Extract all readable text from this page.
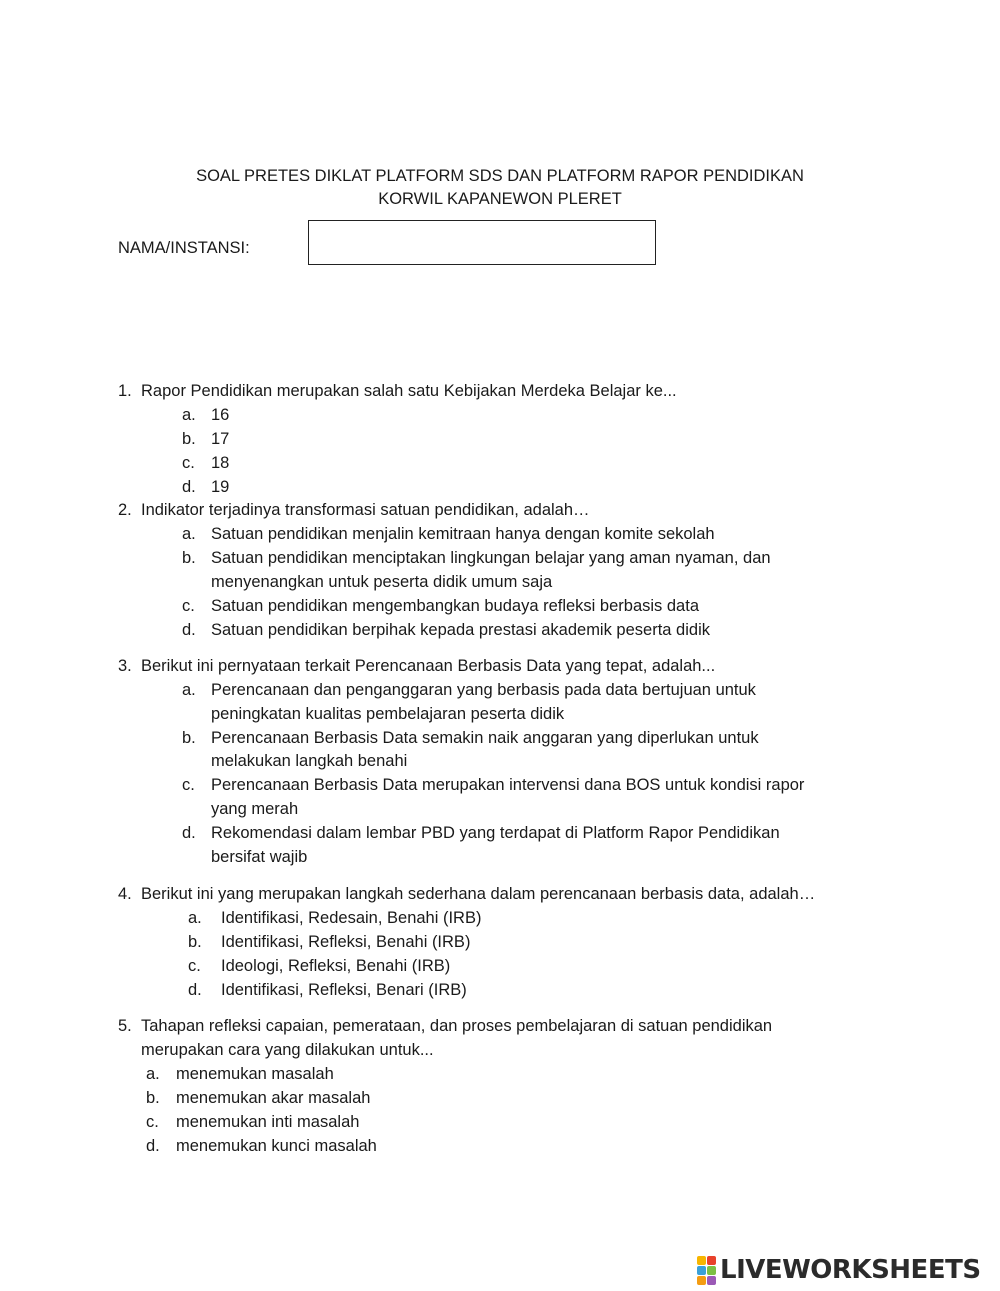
SOAL PRETES DIKLAT PLATFORM SDS DAN PLATFORM RAPOR PENDIDIKAN
KORWIL KAPANEWON PLERET
NAMA/INSTANSI:
1. Rapor Pendidikan merupakan salah satu Kebijakan Merdeka Belajar ke...
a. 16
b. 17
c. 18
d. 19
2. Indikator terjadinya transformasi satuan pendidikan, adalah…
a. Satuan pendidikan menjalin kemitraan hanya dengan komite sekolah
b. Satuan pendidikan menciptakan lingkungan belajar yang aman nyaman, dan
menyenangkan untuk peserta didik umum saja
c. Satuan pendidikan mengembangkan budaya refleksi berbasis data
d. Satuan pendidikan berpihak kepada prestasi akademik peserta didik
3. Berikut ini pernyataan terkait Perencanaan Berbasis Data yang tepat, adalah...
a. Perencanaan dan penganggaran yang berbasis pada data bertujuan untuk
peningkatan kualitas pembelajaran peserta didik
b. Perencanaan Berbasis Data semakin naik anggaran yang diperlukan untuk
melakukan langkah benahi
c. Perencanaan Berbasis Data merupakan intervensi dana BOS untuk kondisi rapor
yang merah
d. Rekomendasi dalam lembar PBD yang terdapat di Platform Rapor Pendidikan
bersifat wajib
4. Berikut ini yang merupakan langkah sederhana dalam perencanaan berbasis data, adalah…
a. Identifikasi, Redesain, Benahi (IRB)
b. Identifikasi, Refleksi, Benahi (IRB)
c. Ideologi, Refleksi, Benahi (IRB)
d. Identifikasi, Refleksi, Benari (IRB)
5. Tahapan refleksi capaian, pemerataan, dan proses pembelajaran di satuan pendidikan
merupakan cara yang dilakukan untuk...
a. menemukan masalah
b. menemukan akar masalah
c. menemukan inti masalah
d. menemukan kunci masalah
LIVEWORKSHEETS
